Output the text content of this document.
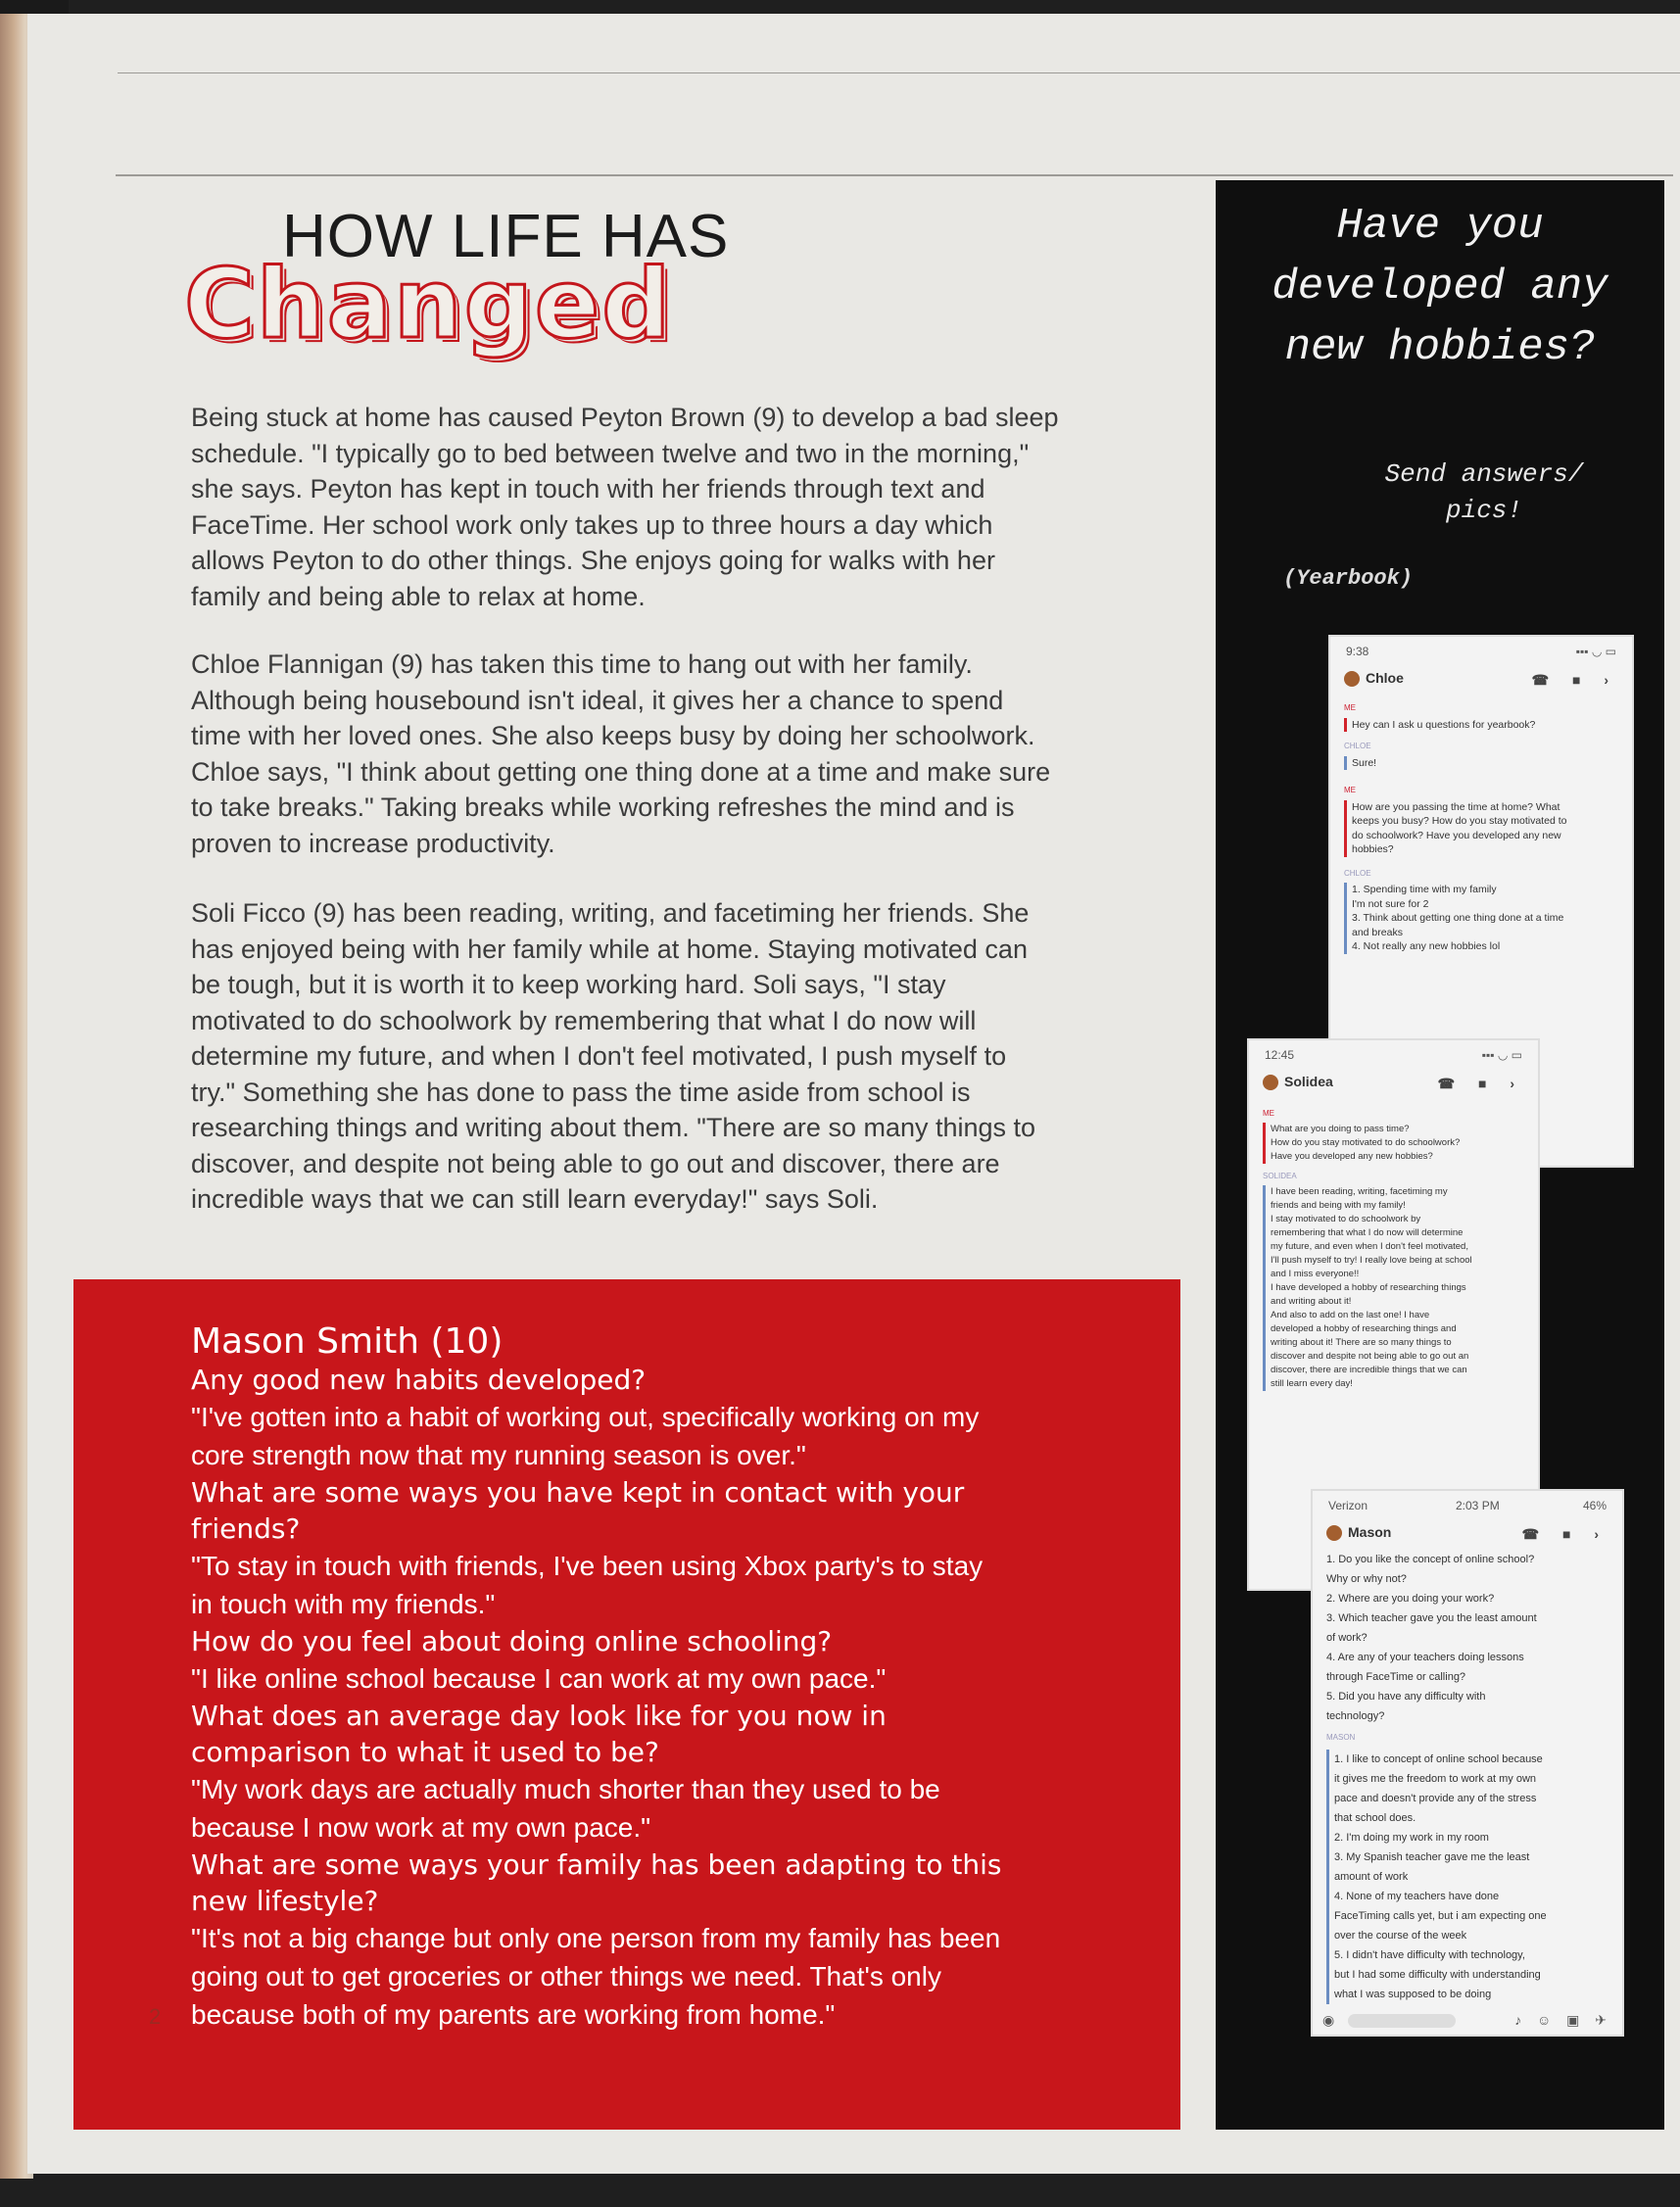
HOW LIFE HAS
Changed
Being stuck at home has caused Peyton Brown (9) to develop a bad sleep
schedule. "I typically go to bed between twelve and two in the morning,"
she says. Peyton has kept in touch with her friends through text and
FaceTime. Her school work only takes up to three hours a day which
allows Peyton to do other things. She enjoys going for walks with her
family and being able to relax at home.
Chloe Flannigan (9) has taken this time to hang out with her family.
Although being housebound isn't ideal, it gives her a chance to spend
time with her loved ones. She also keeps busy by doing her schoolwork.
Chloe says, "I think about getting one thing done at a time and make sure
to take breaks." Taking breaks while working refreshes the mind and is
proven to increase productivity.
Soli Ficco (9) has been reading, writing, and facetiming her friends. She
has enjoyed being with her family while at home. Staying motivated can
be tough, but it is worth it to keep working hard. Soli says, "I stay
motivated to do schoolwork by remembering that what I do now will
determine my future, and when I don't feel motivated, I push myself to
try." Something she has done to pass the time aside from school is
researching things and writing about them. "There are so many things to
discover, and despite not being able to go out and discover, there are
incredible ways that we can still learn everyday!" says Soli.
Mason Smith (10)
Any good new habits developed?
"I've gotten into a habit of working out, specifically working on my
core strength now that my running season is over."
What are some ways you have kept in contact with your
friends?
"To stay in touch with friends, I've been using Xbox party's to stay
in touch with my friends."
How do you feel about doing online schooling?
"I like online school because I can work at my own pace."
What does an average day look like for you now in
comparison to what it used to be?
"My work days are actually much shorter than they used to be
because I now work at my own pace."
What are some ways your family has been adapting to this
new lifestyle?
"It's not a big change but only one person from my family has been
going out to get groceries or other things we need. That's only
because both of my parents are working from home."
2
Have you
developed any
new hobbies?
Send answers/
pics!
(Yearbook)
9:38	▪▪▪ ◡ ▭
Chloe	☎ ■ ›
ME
Hey can I ask u questions for yearbook?
CHLOE
Sure!
ME
How are you passing the time at home? What
keeps you busy? How do you stay motivated to
do schoolwork? Have you developed any new
hobbies?
CHLOE
1. Spending time with my family
I'm not sure for 2
3. Think about getting one thing done at a time
and breaks
4. Not really any new hobbies lol
12:45	▪▪▪ ◡ ▭
Solidea	☎ ■ ›
ME
What are you doing to pass time?
How do you stay motivated to do schoolwork?
Have you developed any new hobbies?
SOLIDEA
I have been reading, writing, facetiming my
friends and being with my family!
I stay motivated to do schoolwork by
remembering that what I do now will determine
my future, and even when I don't feel motivated,
I'll push myself to try! I really love being at school
and I miss everyone!!
I have developed a hobby of researching things
and writing about it!
And also to add on the last one! I have
developed a hobby of researching things and
writing about it! There are so many things to
discover and despite not being able to go out an
discover, there are incredible things that we can
still learn every day!
Verizon	2:03 PM	46%
Mason	☎ ■ ›
1. Do you like the concept of online school?
Why or why not?
2. Where are you doing your work?
3. Which teacher gave you the least amount
of work?
4. Are any of your teachers doing lessons
through FaceTime or calling?
5. Did you have any difficulty with
technology?
MASON
1. I like to concept of online school because
it gives me the freedom to work at my own
pace and doesn't provide any of the stress
that school does.
2. I'm doing my work in my room
3. My Spanish teacher gave me the least
amount of work
4. None of my teachers have done
FaceTiming calls yet, but i am expecting one
over the course of the week
5. I didn't have difficulty with technology,
but I had some difficulty with understanding
what I was supposed to be doing
◉	♪ ☺ ▣ ✈
